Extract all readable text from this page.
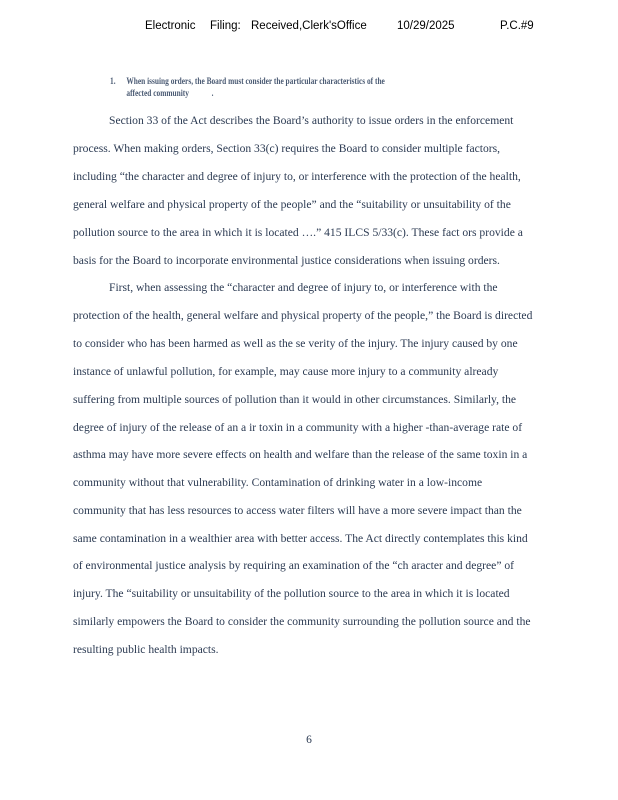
Electronic Filing: Received,Clerk'sOffice	10/29/2025	P.C.#9
1. When issuing orders, the Board must consider the particular characteristics of the
affected community	.
Section 33 of the Act describes the Board’s authority to issue orders in the enforcement
process. When making orders, Section 33(c) requires the Board to consider multiple factors,
including “the character and degree of injury to, or interference with the protection of the health,
general welfare and physical property of the people” and the “suitability or unsuitability of the
pollution source to the area in which it is located ….” 415 ILCS 5/33(c). These fact ors provide a
basis for the Board to incorporate environmental justice considerations when issuing orders.
First, when assessing the “character and degree of injury to, or interference with the
protection of the health, general welfare and physical property of the people,” the Board is directed
to consider who has been harmed as well as the se verity of the injury. The injury caused by one
instance of unlawful pollution, for example, may cause more injury to a community already
suffering from multiple sources of pollution than it would in other circumstances. Similarly, the
degree of injury of the release of an a ir toxin in a community with a higher -than-average rate of
asthma may have more severe effects on health and welfare than the release of the same toxin in a
community without that vulnerability. Contamination of drinking water in a low-income
community that has less resources to access water filters will have a more severe impact than the
same contamination in a wealthier area with better access. The Act directly contemplates this kind
of environmental justice analysis by requiring an examination of the “ch aracter and degree” of
injury. The “suitability or unsuitability of the pollution source to the area in which it is located
similarly empowers the Board to consider the community surrounding the pollution source and the
resulting public health impacts.
6
